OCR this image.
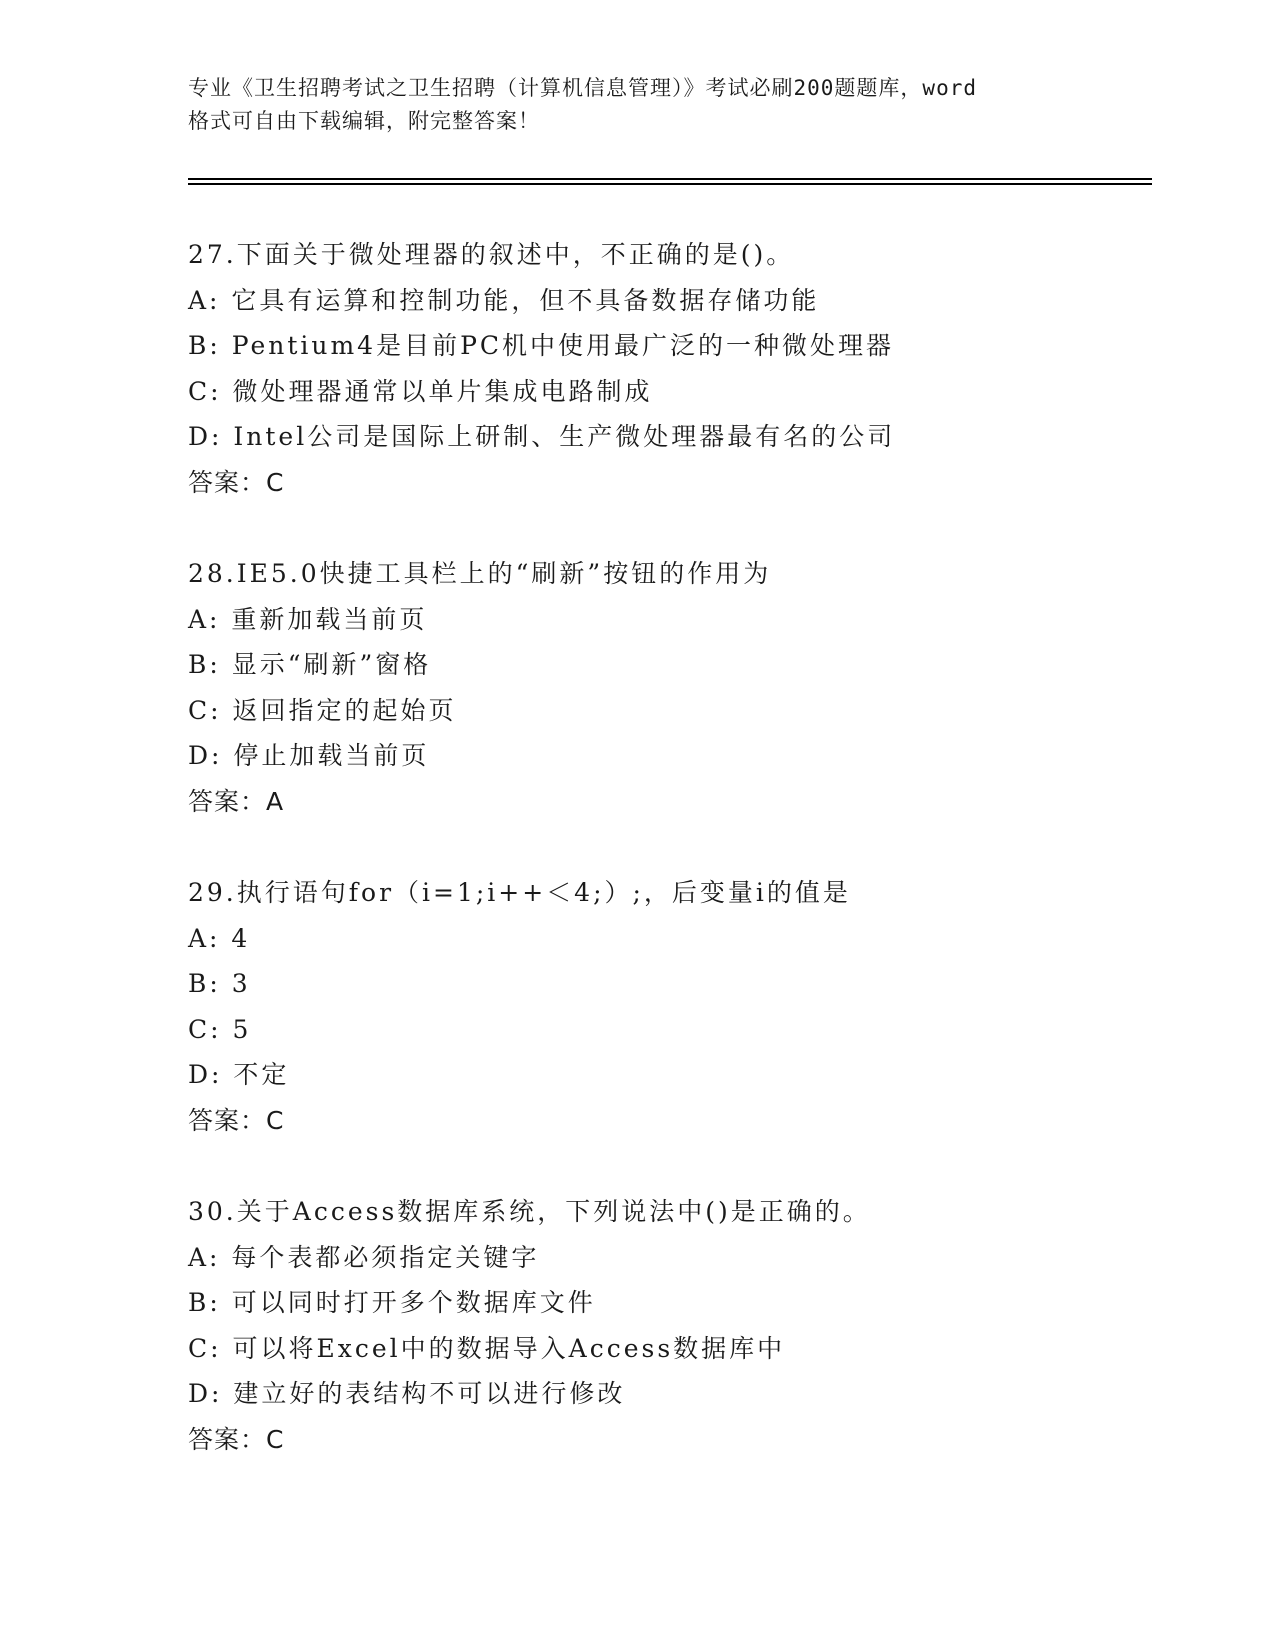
专业《卫生招聘考试之卫生招聘（计算机信息管理）》考试必刷200题题库，word
格式可自由下载编辑，附完整答案！
27.下面关于微处理器的叙述中，不正确的是()。
A: 它具有运算和控制功能，但不具备数据存储功能
B: Pentium4是目前PC机中使用最广泛的一种微处理器
C: 微处理器通常以单片集成电路制成
D: Intel公司是国际上研制、生产微处理器最有名的公司
答案：C
28.IE5.0快捷工具栏上的“刷新”按钮的作用为
A: 重新加载当前页
B: 显示“刷新”窗格
C: 返回指定的起始页
D: 停止加载当前页
答案：A
29.执行语句for（i=1;i++＜4;）;，后变量i的值是
A: 4
B: 3
C: 5
D: 不定
答案：C
30.关于Access数据库系统，下列说法中()是正确的。
A: 每个表都必须指定关键字
B: 可以同时打开多个数据库文件
C: 可以将Excel中的数据导入Access数据库中
D: 建立好的表结构不可以进行修改
答案：C
